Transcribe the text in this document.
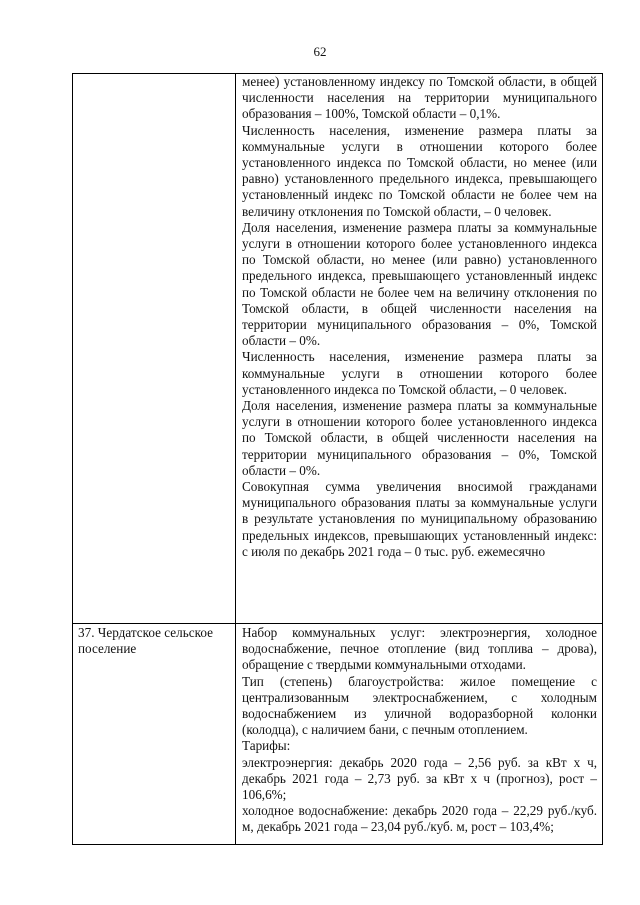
62

менее) установленному индексу по Томской области, в общей численности населения на территории муниципального образования – 100%, Томской области – 0,1%.

Численность населения, изменение размера платы за коммунальные услуги в отношении которого более установленного индекса по Томской области, но менее (или равно) установленного предельного индекса, превышающего установленный индекс по Томской области не более чем на величину отклонения по Томской области, – 0 человек.

Доля населения, изменение размера платы за коммунальные услуги в отношении которого более установленного индекса по Томской области, но менее (или равно) установленного предельного индекса, превышающего установленный индекс по Томской области не более чем на величину отклонения по Томской области, в общей численности населения на территории муниципального образования – 0%, Томской области – 0%.

Численность населения, изменение размера платы за коммунальные услуги в отношении которого более установленного индекса по Томской области, – 0 человек.

Доля населения, изменение размера платы за коммунальные услуги в отношении которого более установленного индекса по Томской области, в общей численности населения на территории муниципального образования – 0%, Томской области – 0%.

Совокупная сумма увеличения вносимой гражданами муниципального образования платы за коммунальные услуги в результате установления по муниципальному образованию предельных индексов, превышающих установленный индекс: с июля по декабрь 2021 года – 0 тыс. руб. ежемесячно

37. Чердатское сельское поселение

Набор коммунальных услуг: электроэнергия, холодное водоснабжение, печное отопление (вид топлива – дрова), обращение с твердыми коммунальными отходами.

Тип (степень) благоустройства: жилое помещение с централизованным электроснабжением, с холодным водоснабжением из уличной водоразборной колонки (колодца), с наличием бани, с печным отоплением.

Тарифы:

электроэнергия: декабрь 2020 года – 2,56 руб. за кВт х ч, декабрь 2021 года – 2,73 руб. за кВт х ч (прогноз), рост – 106,6%;

холодное водоснабжение: декабрь 2020 года – 22,29 руб./куб. м, декабрь 2021 года – 23,04 руб./куб. м, рост – 103,4%;
